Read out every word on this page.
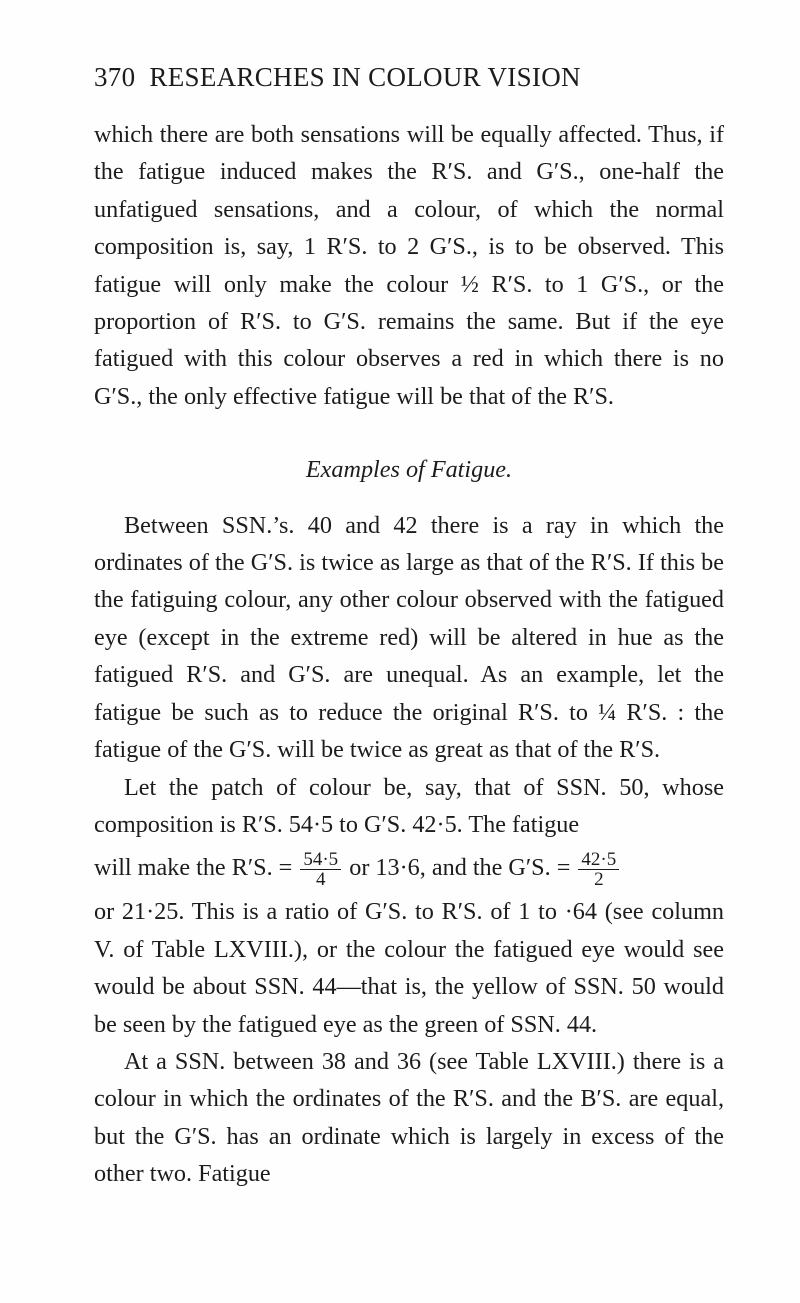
370 RESEARCHES IN COLOUR VISION

which there are both sensations will be equally affected. Thus, if the fatigue induced makes the R′S. and G′S., one-half the unfatigued sensations, and a colour, of which the normal composition is, say, 1 R′S. to 2 G′S., is to be observed. This fatigue will only make the colour ½ R′S. to 1 G′S., or the proportion of R′S. to G′S. remains the same. But if the eye fatigued with this colour observes a red in which there is no G′S., the only effective fatigue will be that of the R′S.

Examples of Fatigue.

Between SSN.’s. 40 and 42 there is a ray in which the ordinates of the G′S. is twice as large as that of the R′S. If this be the fatiguing colour, any other colour observed with the fatigued eye (except in the extreme red) will be altered in hue as the fatigued R′S. and G′S. are unequal. As an example, let the fatigue be such as to reduce the original R′S. to ¼ R′S. : the fatigue of the G′S. will be twice as great as that of the R′S.

Let the patch of colour be, say, that of SSN. 50, whose composition is R′S. 54·5 to G′S. 42·5. The fatigue

will make the R′S. = $\frac{54\cdot 5}{4}$ or 13·6, and the G′S. = $\frac{42\cdot 5}{2}$

or 21·25. This is a ratio of G′S. to R′S. of 1 to ·64 (see column V. of Table LXVIII.), or the colour the fatigued eye would see would be about SSN. 44—that is, the yellow of SSN. 50 would be seen by the fatigued eye as the green of SSN. 44.

At a SSN. between 38 and 36 (see Table LXVIII.) there is a colour in which the ordinates of the R′S. and the B′S. are equal, but the G′S. has an ordinate which is largely in excess of the other two. Fatigue
